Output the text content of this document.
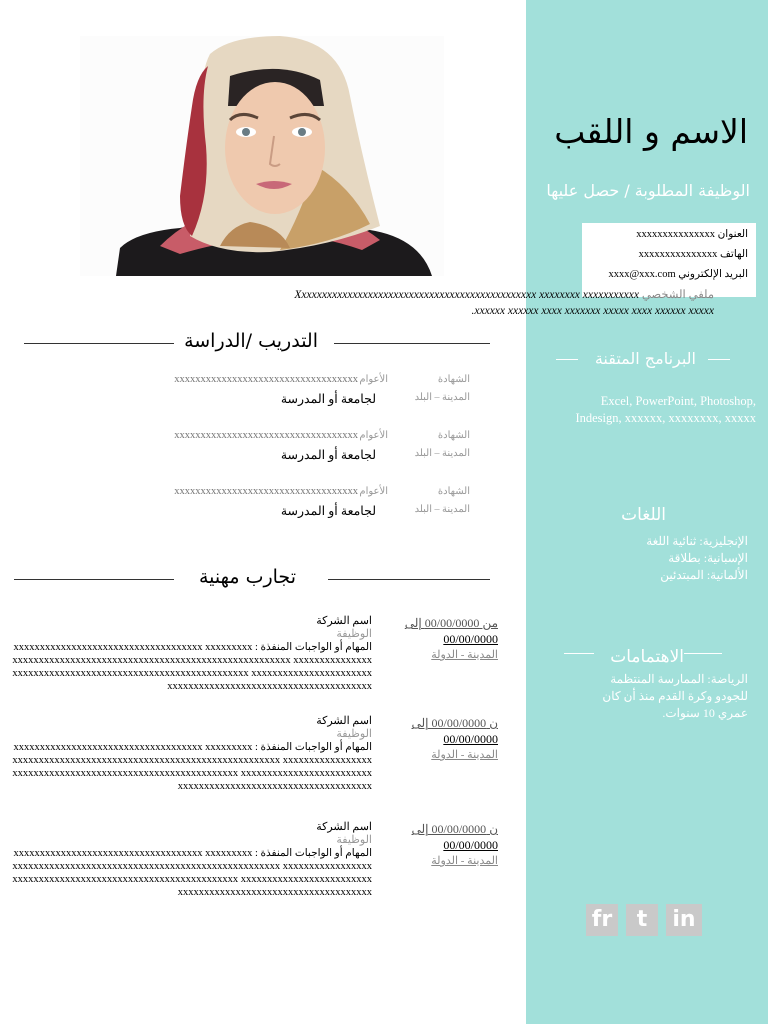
الاسم و اللقب
الوظيفة المطلوبة / حصل عليها
العنوان xxxxxxxxxxxxxxx
الهاتف xxxxxxxxxxxxxxx
البريد الإلكتروني xxxx@xxx.com
البرنامج المتقنة
Excel, PowerPoint, Photoshop, Indesign, xxxxxx, xxxxxxxx, xxxxx
اللغات
الإنجليزية: ثنائية اللغة
الإسبانية: بطلاقة
الألمانية: المبتدئين
الاهتمامات
الرياضة: الممارسة المنتظمة للجودو وكرة القدم منذ أن كان عمري 10 سنوات.
fr	t	in
ملفي الشخصي Xxxxxxxxxxxxxxxxxxxxxxxxxxxxxxxxxxxxxxxxxxxxxxx xxxxxxxx xxxxxxxxxxx xxxxxx xxxxxx xxxx xxxxxxx xxxxx xxxx xxxxxx xxxxx.
التدريب /الدراسة
الشهادة
الأعوام
xxxxxxxxxxxxxxxxxxxxxxxxxxxxxxxxxxx
المدينة – البلد
لجامعة أو المدرسة
الشهادة
الأعوام
xxxxxxxxxxxxxxxxxxxxxxxxxxxxxxxxxxx
المدينة – البلد
لجامعة أو المدرسة
الشهادة
الأعوام
xxxxxxxxxxxxxxxxxxxxxxxxxxxxxxxxxxx
المدينة – البلد
لجامعة أو المدرسة
تجارب مهنية
من 00/00/0000 إلى
00/00/0000
المدينة - الدولة
اسم الشركة
الوظيفة
المهام أو الواجبات المنفذة : xxxxxxxxxxxxxxxxxxxxxxxxxxxxxxxxxxxx xxxxxxxxxxxxxxxxxxxxxxxxxxxxxxxxxxxxxxxxxxxxxxxxxxxxxxxxxxxxxx xxxxxxxxxxxxxxxxxxxxxxxxxxxxxxxxxxxxxxxxxxxxxxxxxxxxxxxxxxxx xxxxxxxxxxxxxxxxxxxxxxxxxxxxxxxxxxxxxxxxxxxxxxxxxxxxxxxxxxxxxx
ن 00/00/0000 إلى
00/00/0000
المدينة - الدولة
اسم الشركة
الوظيفة
المهام أو الواجبات المنفذة : xxxxxxxxxxxxxxxxxxxxxxxxxxxxxxxxxxxx xxxxxxxxxxxxxxxxxxxxxxxxxxxxxxxxxxxxxxxxxxxxxxxxxxxxxxxxxxxx xxxxxxxxxxxxxxxxxxxxxxxxxxxxxxxxxxxxxxxxxxxxxxxxxxxxxxxxxxxx xxxxxxxxxxxxxxxxxxxxxxxxxxxxxxxxxxxxxxxxxxxxxxxxxxxxxxxxxxxxxx
ن 00/00/0000 إلى
00/00/0000
المدينة - الدولة
اسم الشركة
الوظيفة
المهام أو الواجبات المنفذة : xxxxxxxxxxxxxxxxxxxxxxxxxxxxxxxxxxxx xxxxxxxxxxxxxxxxxxxxxxxxxxxxxxxxxxxxxxxxxxxxxxxxxxxxxxxxxxxx xxxxxxxxxxxxxxxxxxxxxxxxxxxxxxxxxxxxxxxxxxxxxxxxxxxxxxxxxxxx xxxxxxxxxxxxxxxxxxxxxxxxxxxxxxxxxxxxxxxxxxxxxxxxxxxxxxxxxxxxxx
